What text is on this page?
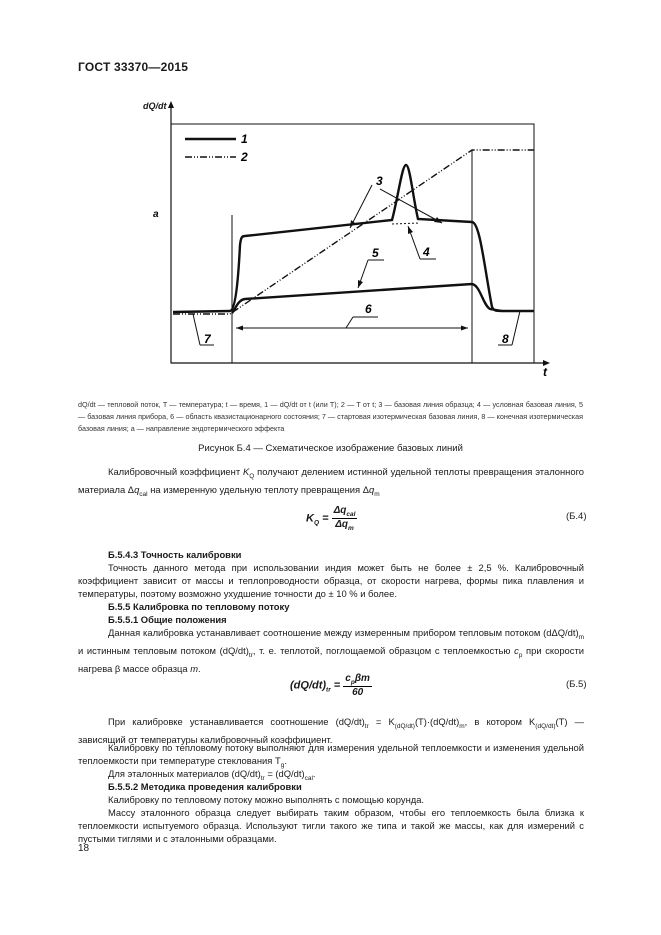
ГОСТ 33370—2015
dQ/dt
1
2
a
3
4
5
6
7	8
t
dQ/dt — тепловой поток, T — температура; t — время, 1 — dQ/dt от t (или T); 2 — T от t; 3 — базовая линия образца; 4 — условная базовая линия, 5 — базовая линия прибора, 6 — область квазистационарного состояния; 7 — стартовая изотермическая базовая линия, 8 — конечная изотермическая базовая линия; a — направление эндотермического эффекта
Рисунок Б.4 — Схематическое изображение базовых линий
Калибровочный коэффициент $K_Q$ получают делением истинной удельной теплоты превращения эталонного материала $\Delta q_{cal}$ на измеренную удельную теплоту превращения $\Delta q_m$
$K_Q = \frac{\Delta q_{cal}}{\Delta q_m}$	(Б.4)
Б.5.4.3 Точность калибровки
Точность данного метода при использовании индия может быть не более ± 2,5 %. Калибровочный коэффициент зависит от массы и теплопроводности образца, от скорости нагрева, формы пика плавления и температуры, поэтому возможно ухудшение точности до ± 10 % и более.
Б.5.5 Калибровка по тепловому потоку
Б.5.5.1 Общие положения
Данная калибровка устанавливает соотношение между измеренным прибором тепловым потоком $(d\Delta Q/dt)_m$ и истинным тепловым потоком $(dQ/dt)_{tr}$, т. е. теплотой, поглощаемой образцом с теплоемкостью $c_p$ при скорости нагрева β массе образца m.
$(dQ/dt)_{tr} = \frac{c_p\beta m}{60}$	(Б.5)
При калибровке устанавливается соотношение $(dQ/dt)_{tr} = K_{(dQ/dt)}(T)\cdot(dQ/dt)_m$, в котором $K_{(dQ/dt)}(T)$ — зависящий от температуры калибровочный коэффициент.
Калибровку по тепловому потоку выполняют для измерения удельной теплоемкости и изменения удельной теплоемкости при температуре стеклования $T_g$.
Для эталонных материалов $(dQ/dt)_{tr} = (dQ/dt)_{cal}$.
Б.5.5.2 Методика проведения калибровки
Калибровку по тепловому потоку можно выполнять с помощью корунда.
Массу эталонного образца следует выбирать таким образом, чтобы его теплоемкость была близка к теплоемкости испытуемого образца. Используют тигли такого же типа и такой же массы, как для измерений с пустыми тиглями и с эталонными образцами.
18
